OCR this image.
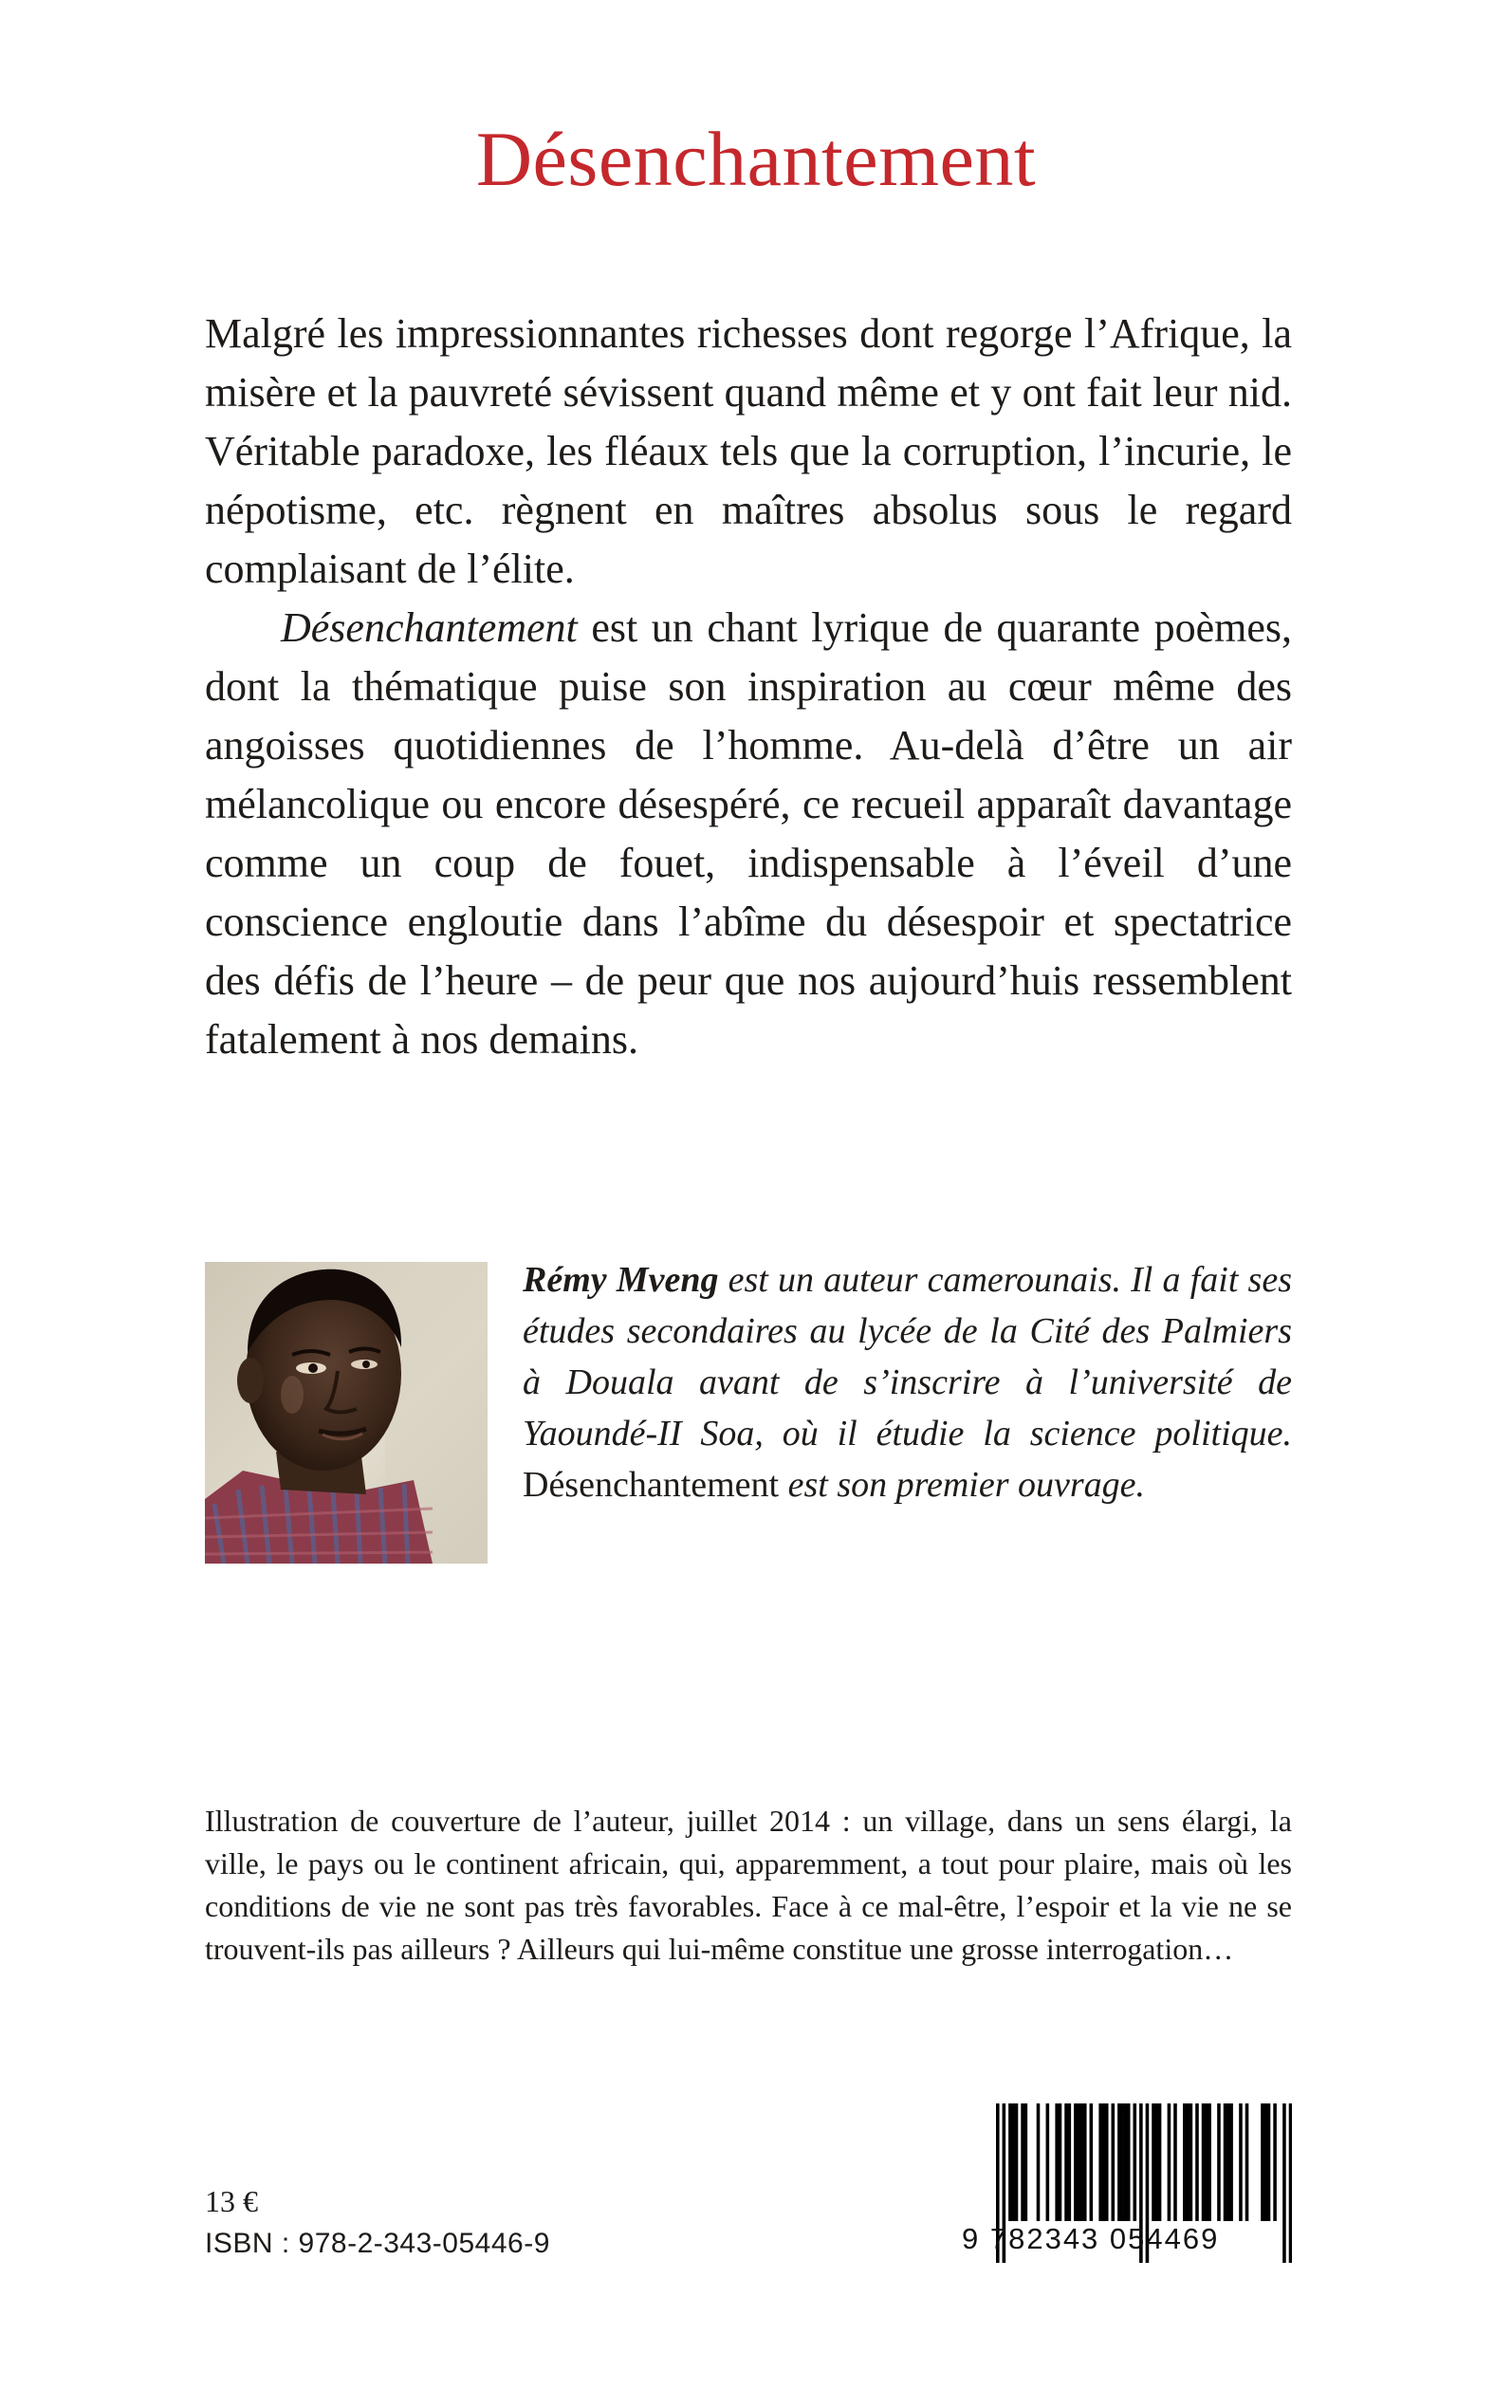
Désenchantement

Malgré les impressionnantes richesses dont regorge l’Afrique, la misère et la pauvreté sévissent quand même et y ont fait leur nid. Véritable paradoxe, les fléaux tels que la corruption, l’incurie, le népotisme, etc. règnent en maîtres absolus sous le regard complaisant de l’élite.

Désenchantement est un chant lyrique de quarante poèmes, dont la thématique puise son inspiration au cœur même des angoisses quotidiennes de l’homme. Au-delà d’être un air mélancolique ou encore désespéré, ce recueil apparaît davantage comme un coup de fouet, indispensable à l’éveil d’une conscience engloutie dans l’abîme du désespoir et spectatrice des défis de l’heure – de peur que nos aujourd’huis ressemblent fatalement à nos demains.

Rémy Mveng est un auteur camerounais. Il a fait ses études secondaires au lycée de la Cité des Palmiers à Douala avant de s’inscrire à l’université de Yaoundé-II Soa, où il étudie la science politique. Désenchantement est son premier ouvrage.

Illustration de couverture de l’auteur, juillet 2014 : un village, dans un sens élargi, la ville, le pays ou le continent africain, qui, apparemment, a tout pour plaire, mais où les conditions de vie ne sont pas très favorables. Face à ce mal-être, l’espoir et la vie ne se trouvent-ils pas ailleurs ? Ailleurs qui lui-même constitue une grosse interrogation…

13 €
ISBN : 978-2-343-05446-9	9 782343 054469
